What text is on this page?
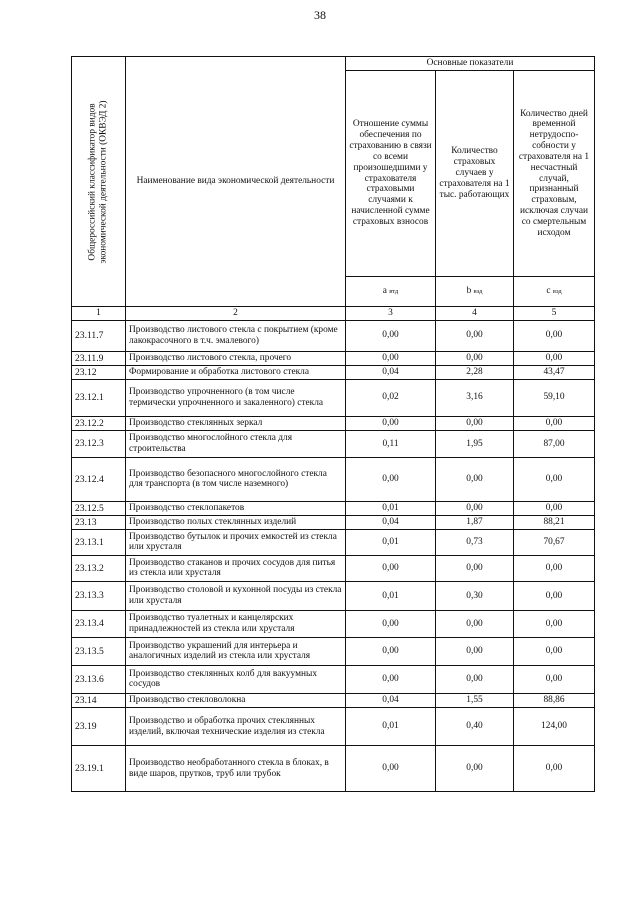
38
Общероссийский классификатор видов
экономической деятельности (ОКВЭД 2)	Наименование вида экономической деятельности	Основные показатели		
		Отношение суммы обеспечения по страхованию в связи со всеми произошедшими у страхователя страховыми случаями к начисленной сумме страховых взносов	Количество страховых случаев у страхователя на 1 тыс. работающих	Количество дней временной нетрудоспо-собности у страхователя на 1 несчастный случай, признанный страховым, исключая случаи со смертельным исходом
		a втд	b вэд	c вэд
1	2	3	4	5
23.11.7	Производство листового стекла с покрытием (кроме лакокрасочного в т.ч. эмалевого)	0,00	0,00	0,00
23.11.9	Производство листового стекла, прочего	0,00	0,00	0,00
23.12	Формирование и обработка листового стекла	0,04	2,28	43,47
23.12.1	Производство упрочненного (в том числе термически упрочненного и закаленного) стекла	0,02	3,16	59,10
23.12.2	Производство стеклянных зеркал	0,00	0,00	0,00
23.12.3	Производство многослойного стекла для строительства	0,11	1,95	87,00
23.12.4	Производство безопасного многослойного стекла для транспорта (в том числе наземного)	0,00	0,00	0,00
23.12.5	Производство стеклопакетов	0,01	0,00	0,00
23.13	Производство полых стеклянных изделий	0,04	1,87	88,21
23.13.1	Производство бутылок и прочих емкостей из стекла или хрусталя	0,01	0,73	70,67
23.13.2	Производство стаканов и прочих сосудов для питья из стекла или хрусталя	0,00	0,00	0,00
23.13.3	Производство столовой и кухонной посуды из стекла или хрусталя	0,01	0,30	0,00
23.13.4	Производство туалетных и канцелярских принадлежностей из стекла или хрусталя	0,00	0,00	0,00
23.13.5	Производство украшений для интерьера и аналогичных изделий из стекла или хрусталя	0,00	0,00	0,00
23.13.6	Производство стеклянных колб для вакуумных сосудов	0,00	0,00	0,00
23.14	Производство стекловолокна	0,04	1,55	88,86
23.19	Производство и обработка прочих стеклянных изделий, включая технические изделия из стекла	0,01	0,40	124,00
23.19.1	Производство необработанного стекла в блоках, в виде шаров, прутков, труб или трубок	0,00	0,00	0,00
